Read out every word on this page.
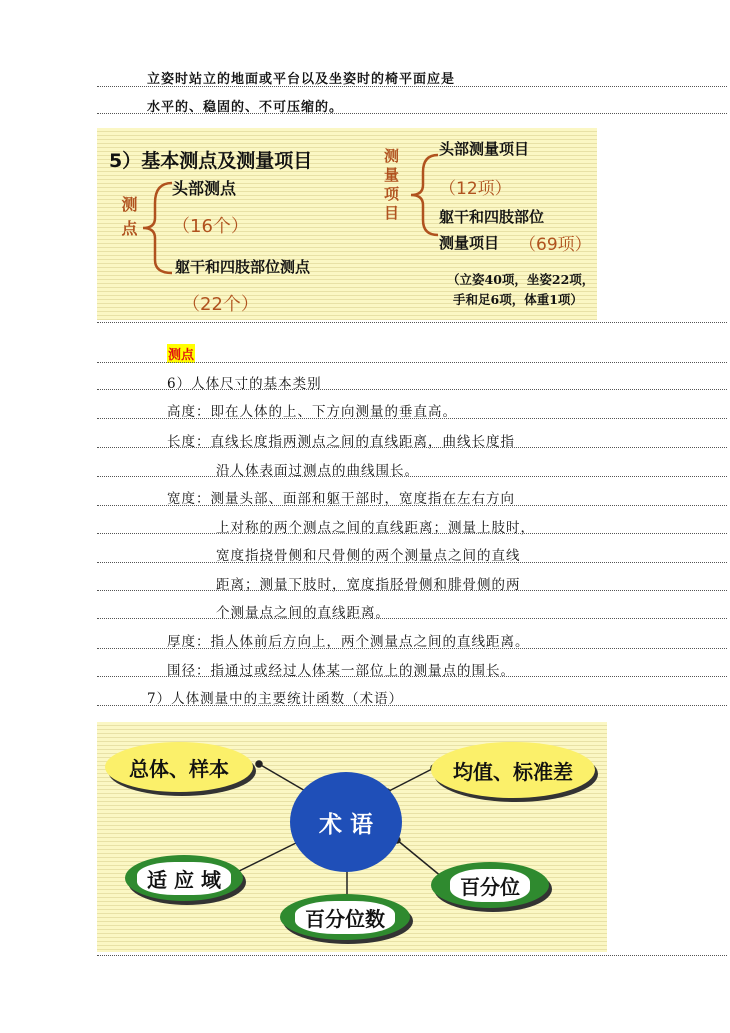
立姿时站立的地面或平台以及坐姿时的椅平面应是
水平的、稳固的、不可压缩的。
5）基本测点及测量项目
测点
头部测点
（16个）
躯干和四肢部位测点
（22个）
测量项目	头部测量项目
（12项）
躯干和四肢部位
测量项目 （69项）
（立姿40项，坐姿22项，
手和足6项，体重1项）
测点
6）人体尺寸的基本类别
高度：即在人体的上、下方向测量的垂直高。
长度：直线长度指两测点之间的直线距离，曲线长度指
沿人体表面过测点的曲线围长。
宽度：测量头部、面部和躯干部时，宽度指在左右方向
上对称的两个测点之间的直线距离；测量上肢时，
宽度指挠骨侧和尺骨侧的两个测量点之间的直线
距离；测量下肢时，宽度指胫骨侧和腓骨侧的两
个测量点之间的直线距离。
厚度：指人体前后方向上，两个测量点之间的直线距离。
围径：指通过或经过人体某一部位上的测量点的围长。
7）人体测量中的主要统计函数（术语）
术 语
总体、样本	均值、标准差
适 应 域	百分位
百分位数
